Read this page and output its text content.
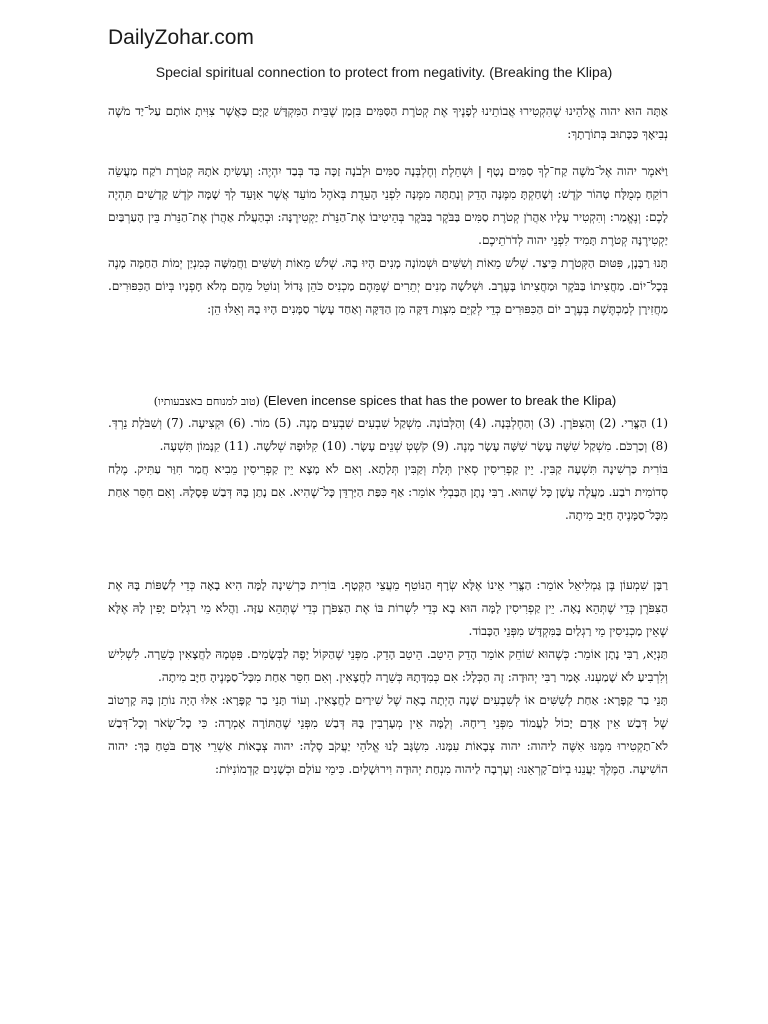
DailyZohar.com
Special spiritual connection to protect from negativity. (Breaking the Klipa)

אַתָּה הוּא יהוה אֱלֹהֵינוּ שֶׁהִקְטִירוּ אֲבוֹתֵינוּ לְפָנֶיךָ אֶת קְטֹרֶת הַסַּמִּים בִּזְמַן שֶׁבֵּית הַמִּקְדָּשׁ קַיָּם כַּאֲשֶׁר צִוִּיתָ אוֹתָם עַל־יַד מֹשֶׁה נְבִיאָךְ כַּכָּתוּב בְּתוֹרָתָךְ:

וַיֹּאמֶר יהוה אֶל־מֹשֶׁה קַח־לְךָ סַמִּים נָטָף | וּשְׁחֵלֶת וְחֶלְבְּנָה סַמִּים וּלְבֹנָה זַכָּה בַּד בְּבַד יִהְיֶה: וְעָשִׂיתָ אֹתָהּ קְטֹרֶת רֹקַח מַעֲשֵׂה רוֹקֵחַ מְמֻלָּח טָהוֹר קֹדֶשׁ: וְשָׁחַקְתָּ מִמֶּנָּה הָדֵק וְנָתַתָּה מִמֶּנָּה לִפְנֵי הָעֵדֻת בְּאֹהֶל מוֹעֵד אֲשֶׁר אִוָּעֵד לְךָ שָׁמָּה קֹדֶשׁ קָדָשִׁים תִּהְיֶה לָכֶם: וְנֶאֱמַר: וְהִקְטִיר עָלָיו אַהֲרֹן קְטֹרֶת סַמִּים בַּבֹּקֶר בַּבֹּקֶר בְּהֵיטִיבוֹ אֶת־הַנֵּרֹת יַקְטִירֶנָּה: וּבְהַעֲלֹת אַהֲרֹן אֶת־הַנֵּרֹת בֵּין הָעַרְבַּיִם יַקְטִירֶנָּה קְטֹרֶת תָּמִיד לִפְנֵי יהוה לְדֹרֹתֵיכֶם.

תָּנוּ רַבָּנָן, פִּטּוּם הַקְּטֹרֶת כֵּיצַד. שְׁלֹשׁ מֵאוֹת וְשִׁשִּׁים וּשְׁמוֹנָה מָנִים הָיוּ בָהּ. שְׁלֹשׁ מֵאוֹת וְשִׁשִּׁים וַחֲמִשָּׁה כְּמִנְיַן יְמוֹת הַחַמָּה מָנֶה בְּכָל־יוֹם. מַחֲצִיתוֹ בַּבֹּקֶר וּמַחֲצִיתוֹ בָּעֶרֶב. וּשְׁלֹשָׁה מָנִים יְתֵרִים שֶׁמֵּהֶם מַכְנִיס כֹּהֵן גָּדוֹל וְנוֹטֵל מֵהֶם מְלֹא חָפְנָיו בְּיוֹם הַכִּפּוּרִים. מַחֲזִירָן לְמַכְתֶּשֶׁת בְּעֶרֶב יוֹם הַכִּפּוּרִים כְּדֵי לְקַיֵּם מִצְוַת דַּקָּה מִן הַדַּקָּה וְאַחַד עָשָׂר סַמָּנִים הָיוּ בָהּ וְאֵלּוּ הֵן:

(טוב למנוחם באצבעותיו) (Eleven incense spices that has the power to break the Klipa)

(1) הַצֳּרִי. (2) וְהַצִּפֹּרֶן. (3) וְהַחֶלְבְּנָה. (4) וְהַלְּבוֹנָה. מִשְׁקַל שִׁבְעִים שִׁבְעִים מָנֶה. (5) מוֹר. (6) וּקְצִיעָה. (7) וְשִׁבֹּלֶת נֵרְדְּ. (8) וְכַרְכֹּם. מִשְׁקַל שִׁשָּׁה עָשָׂר שִׁשָּׁה עָשָׂר מָנֶה. (9) קֹשְׁטְ שְׁנֵים עָשָׂר. (10) קִלּוּפָה שְׁלֹשָׁה. (11) קִנָּמוֹן תִּשְׁעָה.

בּוֹרִית כַּרְשִׁינָה תִּשְׁעָה קַבִּין. יֵין קַפְרִיסִין סְאִין תְּלָת וְקַבִּין תְּלָתָא. וְאִם לֹא מָצָא יֵין קַפְרִיסִין מֵבִיא חֲמַר חִוַּר עַתִּיק. מֶלַח סְדוֹמִית רֹבַע. מַעֲלֶה עָשָׁן כָּל שֶׁהוּא. רַבִּי נָתָן הַבַּבְלִי אוֹמֵר: אַף כִּפַּת הַיַּרְדֵּן כָּל־שֶׁהִיא. אִם נָתַן בָּהּ דְּבַשׁ פְּסָלָהּ. וְאִם חִסֵּר אַחַת מִכָּל־סַמָּנֶיהָ חַיָּב מִיתָה.

רַבָּן שִׁמְעוֹן בֶּן גַּמְלִיאֵל אוֹמֵר: הַצֳּרִי אֵינוֹ אֶלָּא שְׂרָף הַנּוֹטֵף מֵעֲצֵי הַקְּטָף. בּוֹרִית כַּרְשִׁינָה לָמָּה הִיא בָאָה כְּדֵי לְשַׁפּוֹת בָּהּ אֶת הַצִּפֹּרֶן כְּדֵי שֶׁתְּהֵא נָאָה. יֵין קַפְרִיסִין לָמָּה הוּא בָא כְּדֵי לִשְׁרוֹת בּוֹ אֶת הַצִּפֹּרֶן כְּדֵי שֶׁתְּהֵא עַזָּה. וַהֲלֹא מֵי רַגְלַיִם יָפִין לָהּ אֶלָּא שֶׁאֵין מַכְנִיסִין מֵי רַגְלַיִם בַּמִּקְדָּשׁ מִפְּנֵי הַכָּבוֹד.

תַּנְיָא, רַבִּי נָתָן אוֹמֵר: כְּשֶׁהוּא שׁוֹחֵק אוֹמֵר הָדֵק הֵיטֵב. הֵיטֵב הָדֵק. מִפְּנֵי שֶׁהַקּוֹל יָפֶה לַבְּשָׂמִים. פִּטְּמָהּ לַחֲצָאִין כְּשֵׁרָה. לִשְׁלִישׁ וְלִרְבִיעַ לֹא שָׁמַעְנוּ. אָמַר רַבִּי יְהוּדָה: זֶה הַכְּלָל: אִם כְּמִדָּתָהּ כְּשֵׁרָה לַחֲצָאִין. וְאִם חִסֵּר אַחַת מִכָּל־סַמָּנֶיהָ חַיָּב מִיתָה.

תָּנֵי בַר קַפָּרָא: אַחַת לְשִׁשִּׁים אוֹ לְשִׁבְעִים שָׁנָה הָיְתָה בָאָה שֶׁל שִׁירַיִם לַחֲצָאִין. וְעוֹד תָּנֵי בַר קַפָּרָא: אִלּוּ הָיָה נוֹתֵן בָּהּ קָרְטוֹב שֶׁל דְּבַשׁ אֵין אָדָם יָכוֹל לַעֲמוֹד מִפְּנֵי רֵיחָהּ. וְלָמָּה אֵין מְעָרְבִין בָּהּ דְּבַשׁ מִפְּנֵי שֶׁהַתּוֹרָה אָמְרָה: כִּי כָל־שְׂאֹר וְכָל־דְּבַשׁ לֹא־תַקְטִירוּ מִמֶּנּוּ אִשֶּׁה לַיהוה: יהוה צְבָאוֹת עִמָּנוּ. מִשְׂגָּב לָנוּ אֱלֹהֵי יַעֲקֹב סֶלָה: יהוה צְבָאוֹת אַשְׁרֵי אָדָם בֹּטֵחַ בָּךְ: יהוה הוֹשִׁיעָה. הַמֶּלֶךְ יַעֲנֵנוּ בְיוֹם־קָרְאֵנוּ: וְעָרְבָה לַיהוה מִנְחַת יְהוּדָה וִירוּשָׁלָיִם. כִּימֵי עוֹלָם וּכְשָׁנִים קַדְמוֹנִיּוֹת:
